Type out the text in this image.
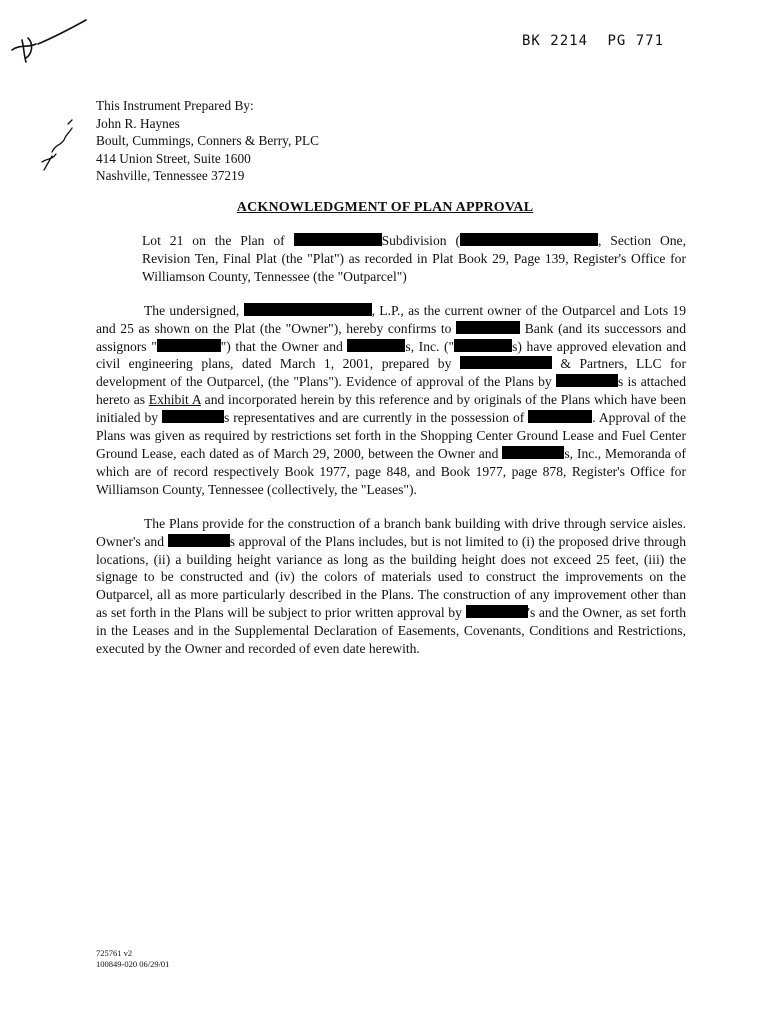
BK 2214 PG 771
This Instrument Prepared By:
John R. Haynes
Boult, Cummings, Conners & Berry, PLC
414 Union Street, Suite 1600
Nashville, Tennessee 37219
ACKNOWLEDGMENT OF PLAN APPROVAL

Lot 21 on the Plan of	Subdivision (	, Section One, Revision Ten, Final Plat (the "Plat") as recorded in Plat Book 29, Page 139, Register's Office for Williamson County, Tennessee (the "Outparcel")

The undersigned,	, L.P., as the current owner of the Outparcel and Lots 19 and 25 as shown on the Plat (the "Owner"), hereby confirms to	Bank (and its successors and assignors "	") that the Owner and	s, Inc. ("	s) have approved elevation and civil engineering plans, dated March 1, 2001, prepared by	& Partners, LLC for development of the Outparcel, (the "Plans"). Evidence of approval of the Plans by	s is attached hereto as Exhibit A and incorporated herein by this reference and by originals of the Plans which have been initialed by	s representatives and are currently in the possession of	. Approval of the Plans was given as required by restrictions set forth in the Shopping Center Ground Lease and Fuel Center Ground Lease, each dated as of March 29, 2000, between the Owner and	s, Inc., Memoranda of which are of record respectively Book 1977, page 848, and Book 1977, page 878, Register's Office for Williamson County, Tennessee (collectively, the "Leases").

The Plans provide for the construction of a branch bank building with drive through service aisles. Owner's and	s approval of the Plans includes, but is not limited to (i) the proposed drive through locations, (ii) a building height variance as long as the building height does not exceed 25 feet, (iii) the signage to be constructed and (iv) the colors of materials used to construct the improvements on the Outparcel, all as more particularly described in the Plans. The construction of any improvement other than as set forth in the Plans will be subject to prior written approval by	's and the Owner, as set forth in the Leases and in the Supplemental Declaration of Easements, Covenants, Conditions and Restrictions, executed by the Owner and recorded of even date herewith.

725761 v2
100849-020 06/29/01
